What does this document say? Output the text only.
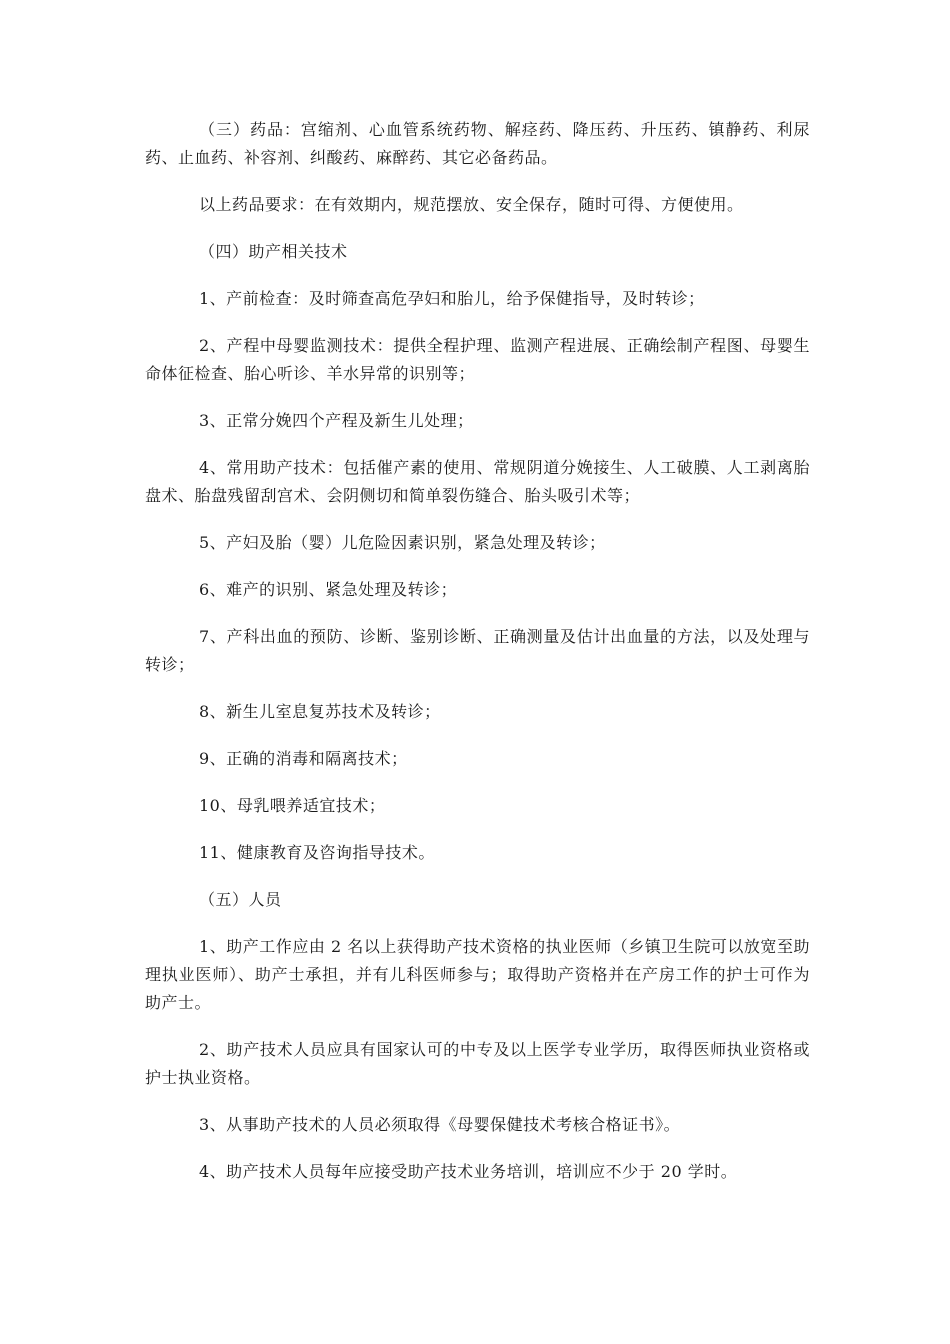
（三）药品：宫缩剂、心血管系统药物、解痉药、降压药、升压药、镇静药、利尿药、止血药、补容剂、纠酸药、麻醉药、其它必备药品。

以上药品要求：在有效期内，规范摆放、安全保存，随时可得、方便使用。

（四）助产相关技术

1、产前检查：及时筛查高危孕妇和胎儿，给予保健指导，及时转诊；

2、产程中母婴监测技术：提供全程护理、监测产程进展、正确绘制产程图、母婴生命体征检查、胎心听诊、羊水异常的识别等；

3、正常分娩四个产程及新生儿处理；

4、常用助产技术：包括催产素的使用、常规阴道分娩接生、人工破膜、人工剥离胎盘术、胎盘残留刮宫术、会阴侧切和简单裂伤缝合、胎头吸引术等；

5、产妇及胎（婴）儿危险因素识别，紧急处理及转诊；

6、难产的识别、紧急处理及转诊；

7、产科出血的预防、诊断、鉴别诊断、正确测量及估计出血量的方法，以及处理与转诊；

8、新生儿室息复苏技术及转诊；

9、正确的消毒和隔离技术；

10、母乳喂养适宜技术；

11、健康教育及咨询指导技术。

（五）人员

1、助产工作应由 2 名以上获得助产技术资格的执业医师（乡镇卫生院可以放宽至助理执业医师）、助产士承担，并有儿科医师参与；取得助产资格并在产房工作的护士可作为助产士。

2、助产技术人员应具有国家认可的中专及以上医学专业学历，取得医师执业资格或护士执业资格。

3、从事助产技术的人员必须取得《母婴保健技术考核合格证书》。

4、助产技术人员每年应接受助产技术业务培训，培训应不少于 20 学时。
